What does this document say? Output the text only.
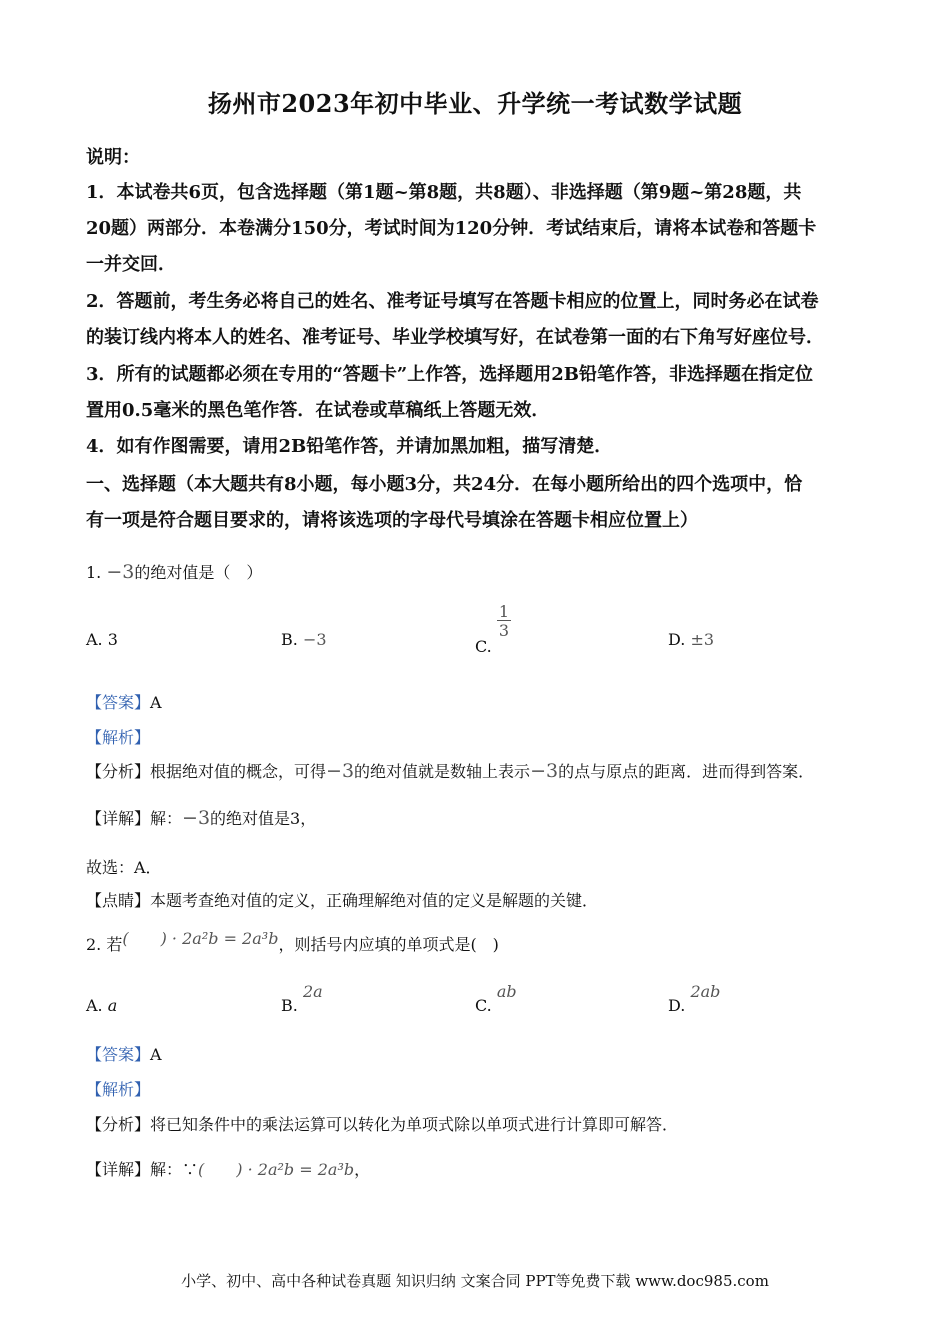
扬州市2023年初中毕业、升学统一考试数学试题
说明：
1．本试卷共6页，包含选择题（第1题~第8题，共8题）、非选择题（第9题~第28题，共
20题）两部分．本卷满分150分，考试时间为120分钟．考试结束后，请将本试卷和答题卡
一并交回．
2．答题前，考生务必将自己的姓名、准考证号填写在答题卡相应的位置上，同时务必在试卷
的装订线内将本人的姓名、准考证号、毕业学校填写好，在试卷第一面的右下角写好座位号．
3．所有的试题都必须在专用的“答题卡”上作答，选择题用2B铅笔作答，非选择题在指定位
置用0.5毫米的黑色笔作答．在试卷或草稿纸上答题无效．
4．如有作图需要，请用2B铅笔作答，并请加黑加粗，描写清楚．
一、选择题（本大题共有8小题，每小题3分，共24分．在每小题所给出的四个选项中，恰
有一项是符合题目要求的，请将该选项的字母代号填涂在答题卡相应位置上）
1. −3的绝对值是（　）
A. 3	B. −3	C.
$\frac{1}{3}$
D. ±3
【答案】A
【解析】
【分析】根据绝对值的概念，可得−3的绝对值就是数轴上表示−3的点与原点的距离．进而得到答案．
【详解】解：−3的绝对值是3，
故选：A．
【点睛】本题考查绝对值的定义，正确理解绝对值的定义是解题的关键．
2. 若(　　) · 2a²b = 2a³b，则括号内应填的单项式是(　)
A. a	B. 2a
C. ab
D. 2ab
【答案】A
【解析】
【分析】将已知条件中的乘法运算可以转化为单项式除以单项式进行计算即可解答．
【详解】解：∵(　　) · 2a²b = 2a³b，
小学、初中、高中各种试卷真题 知识归纳 文案合同 PPT等免费下载 www.doc985.com
